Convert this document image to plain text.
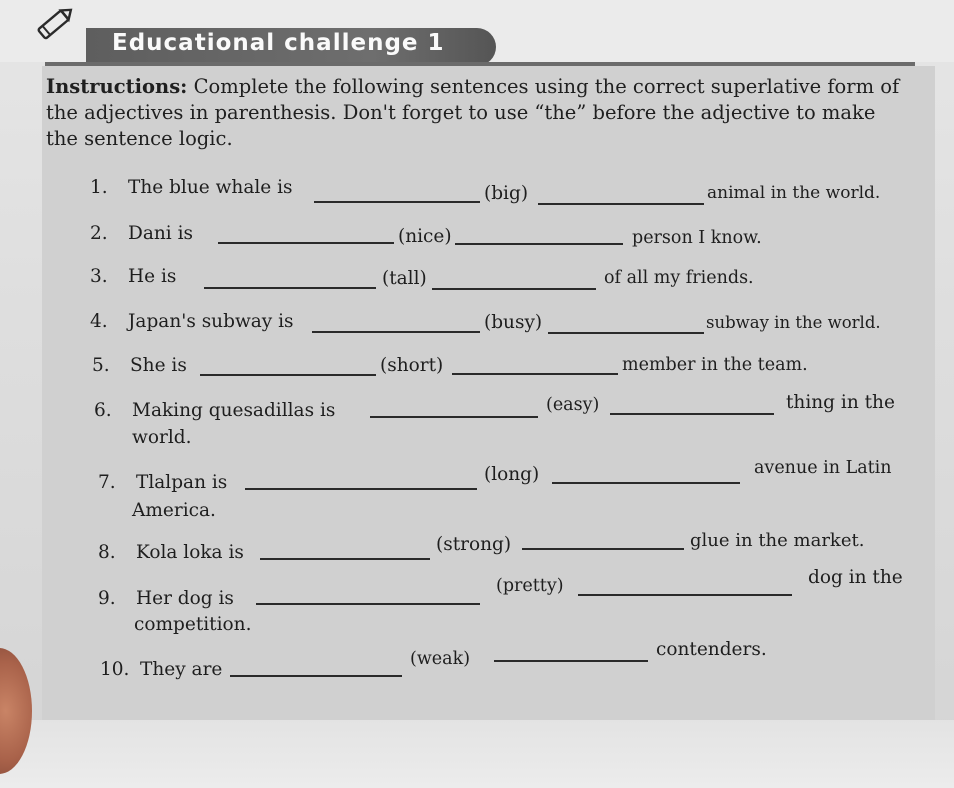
Educational challenge 1
Instructions: Complete the following sentences using the correct superlative form of the adjectives in parenthesis. Don't forget to use “the” before the adjective to make the sentence logic.
1. The blue whale is	(big)	animal in the world.
2. Dani is	(nice)	person I know.
3. He is	(tall)	of all my friends.
4. Japan's subway is	(busy)	subway in the world.
5. She is	(short)	member in the team.
6. Making quesadillas is	(easy)	thing in the
world.
7. Tlalpan is	(long)	avenue in Latin
America.
8. Kola loka is	(strong)	glue in the market.
9. Her dog is
(pretty)	dog in the
competition.
10. They are	(weak)	contenders.
